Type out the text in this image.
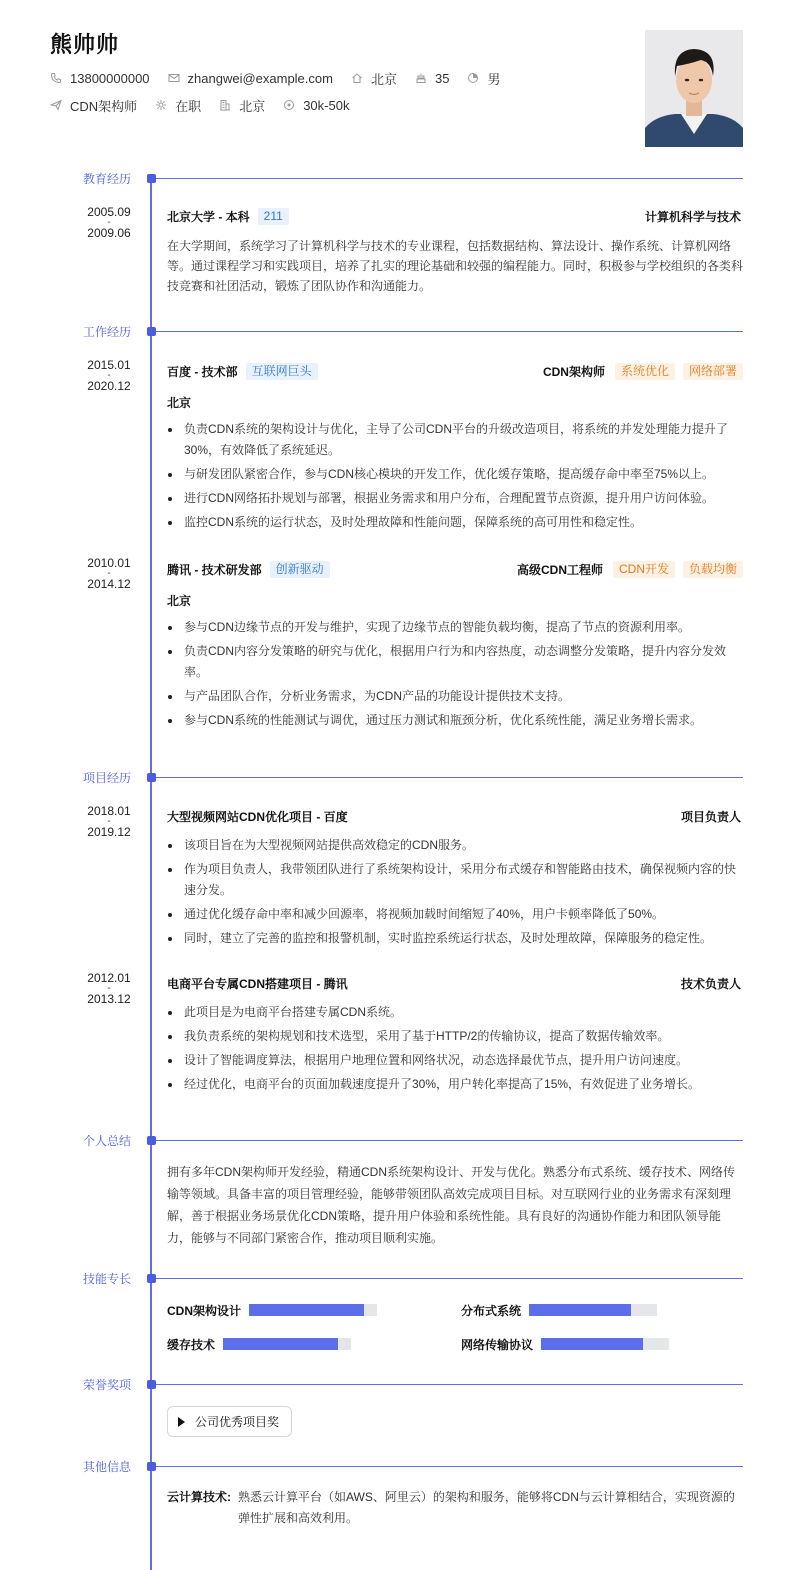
熊帅帅
13800000000	zhangwei@example.com	北京	35	男
CDN架构师	在职	北京	30k-50k
教育经历
2005.09
-
2009.06
北京大学 - 本科	211	计算机科学与技术
在大学期间，系统学习了计算机科学与技术的专业课程，包括数据结构、算法设计、操作系统、计算机网络等。通过课程学习和实践项目，培养了扎实的理论基础和较强的编程能力。同时，积极参与学校组织的各类科技竞赛和社团活动，锻炼了团队协作和沟通能力。
工作经历
2015.01
-
2020.12
百度 - 技术部	互联网巨头	CDN架构师	系统优化	网络部署
北京
负责CDN系统的架构设计与优化，主导了公司CDN平台的升级改造项目，将系统的并发处理能力提升了30%，有效降低了系统延迟。
与研发团队紧密合作，参与CDN核心模块的开发工作，优化缓存策略，提高缓存命中率至75%以上。
进行CDN网络拓扑规划与部署，根据业务需求和用户分布，合理配置节点资源，提升用户访问体验。
监控CDN系统的运行状态，及时处理故障和性能问题，保障系统的高可用性和稳定性。
2010.01
-
2014.12
腾讯 - 技术研发部	创新驱动	高级CDN工程师	CDN开发	负载均衡
北京
参与CDN边缘节点的开发与维护，实现了边缘节点的智能负载均衡，提高了节点的资源利用率。
负责CDN内容分发策略的研究与优化，根据用户行为和内容热度，动态调整分发策略，提升内容分发效率。
与产品团队合作，分析业务需求，为CDN产品的功能设计提供技术支持。
参与CDN系统的性能测试与调优，通过压力测试和瓶颈分析，优化系统性能，满足业务增长需求。
项目经历
2018.01
-
2019.12
大型视频网站CDN优化项目 - 百度	项目负责人
该项目旨在为大型视频网站提供高效稳定的CDN服务。
作为项目负责人，我带领团队进行了系统架构设计，采用分布式缓存和智能路由技术，确保视频内容的快速分发。
通过优化缓存命中率和减少回源率，将视频加载时间缩短了40%，用户卡顿率降低了50%。
同时，建立了完善的监控和报警机制，实时监控系统运行状态，及时处理故障，保障服务的稳定性。
2012.01
-
2013.12
电商平台专属CDN搭建项目 - 腾讯	技术负责人
此项目是为电商平台搭建专属CDN系统。
我负责系统的架构规划和技术选型，采用了基于HTTP/2的传输协议，提高了数据传输效率。
设计了智能调度算法，根据用户地理位置和网络状况，动态选择最优节点，提升用户访问速度。
经过优化，电商平台的页面加载速度提升了30%，用户转化率提高了15%，有效促进了业务增长。
个人总结
拥有多年CDN架构师开发经验，精通CDN系统架构设计、开发与优化。熟悉分布式系统、缓存技术、网络传输等领域。具备丰富的项目管理经验，能够带领团队高效完成项目目标。对互联网行业的业务需求有深刻理解，善于根据业务场景优化CDN策略，提升用户体验和系统性能。具有良好的沟通协作能力和团队领导能力，能够与不同部门紧密合作，推动项目顺利实施。
技能专长
CDN架构设计	分布式系统
缓存技术	网络传输协议
荣誉奖项
公司优秀项目奖
其他信息
云计算技术: 熟悉云计算平台（如AWS、阿里云）的架构和服务，能够将CDN与云计算相结合，实现资源的弹性扩展和高效利用。
